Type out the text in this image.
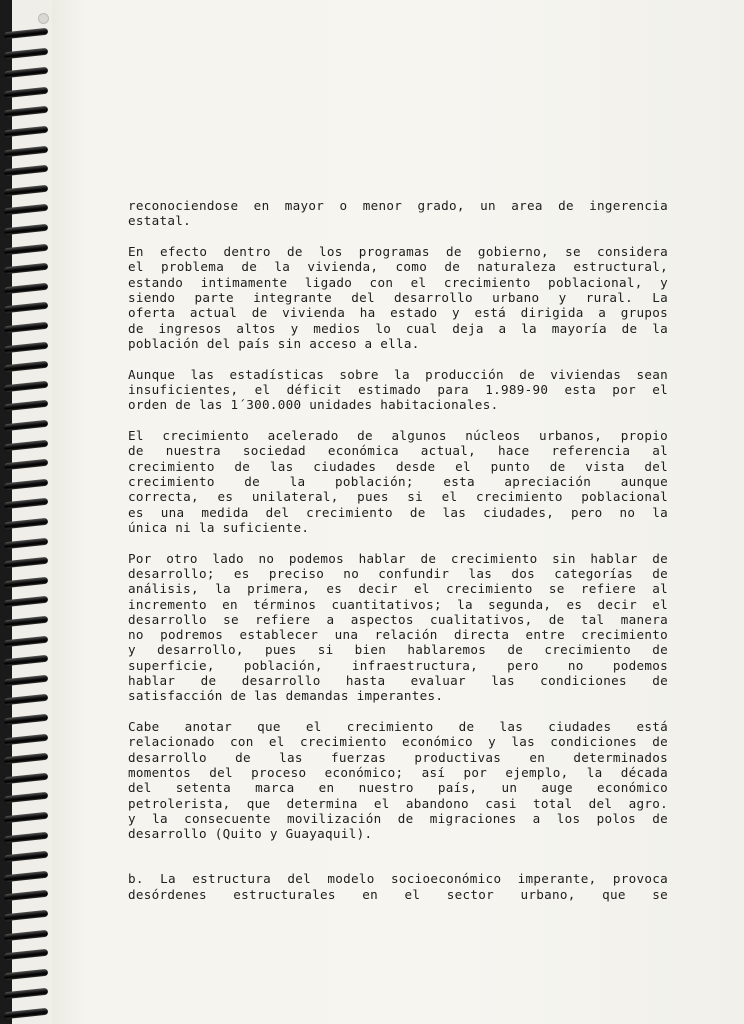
reconociendose en mayor o menor grado, un area de ingerencia
estatal.

En efecto dentro de los programas de gobierno, se considera
el problema de la vivienda, como de naturaleza estructural,
estando intimamente ligado con el crecimiento poblacional, y
siendo parte integrante del desarrollo urbano y rural. La
oferta actual de vivienda ha estado y está dirigida a grupos
de ingresos altos y medios lo cual deja a la mayoría de la
población del país sin acceso a ella.

Aunque las estadísticas sobre la producción de viviendas sean
insuficientes, el déficit estimado para 1.989-90 esta por el
orden de las 1´300.000 unidades habitacionales.

El crecimiento acelerado de algunos núcleos urbanos, propio
de nuestra sociedad económica actual, hace referencia al
crecimiento de las ciudades desde el punto de vista del
crecimiento de la población; esta apreciación aunque
correcta, es unilateral, pues si el crecimiento poblacional
es una medida del crecimiento de las ciudades, pero no la
única ni la suficiente.

Por otro lado no podemos hablar de crecimiento sin hablar de
desarrollo; es preciso no confundir las dos categorías de
análisis, la primera, es decir el crecimiento se refiere al
incremento en términos cuantitativos; la segunda, es decir el
desarrollo se refiere a aspectos cualitativos, de tal manera
no podremos establecer una relación directa entre crecimiento
y desarrollo, pues si bien hablaremos de crecimiento de
superficie, población, infraestructura, pero no podemos
hablar de desarrollo hasta evaluar las condiciones de
satisfacción de las demandas imperantes.

Cabe anotar que el crecimiento de las ciudades está
relacionado con el crecimiento económico y las condiciones de
desarrollo de las fuerzas productivas en determinados
momentos del proceso económico; así por ejemplo, la década
del setenta marca en nuestro país, un auge económico
petrolerista, que determina el abandono casi total del agro.
y la consecuente movilización de migraciones a los polos de
desarrollo (Quito y Guayaquil).

b. La estructura del modelo socioeconómico imperante, provoca
desórdenes estructurales en el sector urbano, que se
